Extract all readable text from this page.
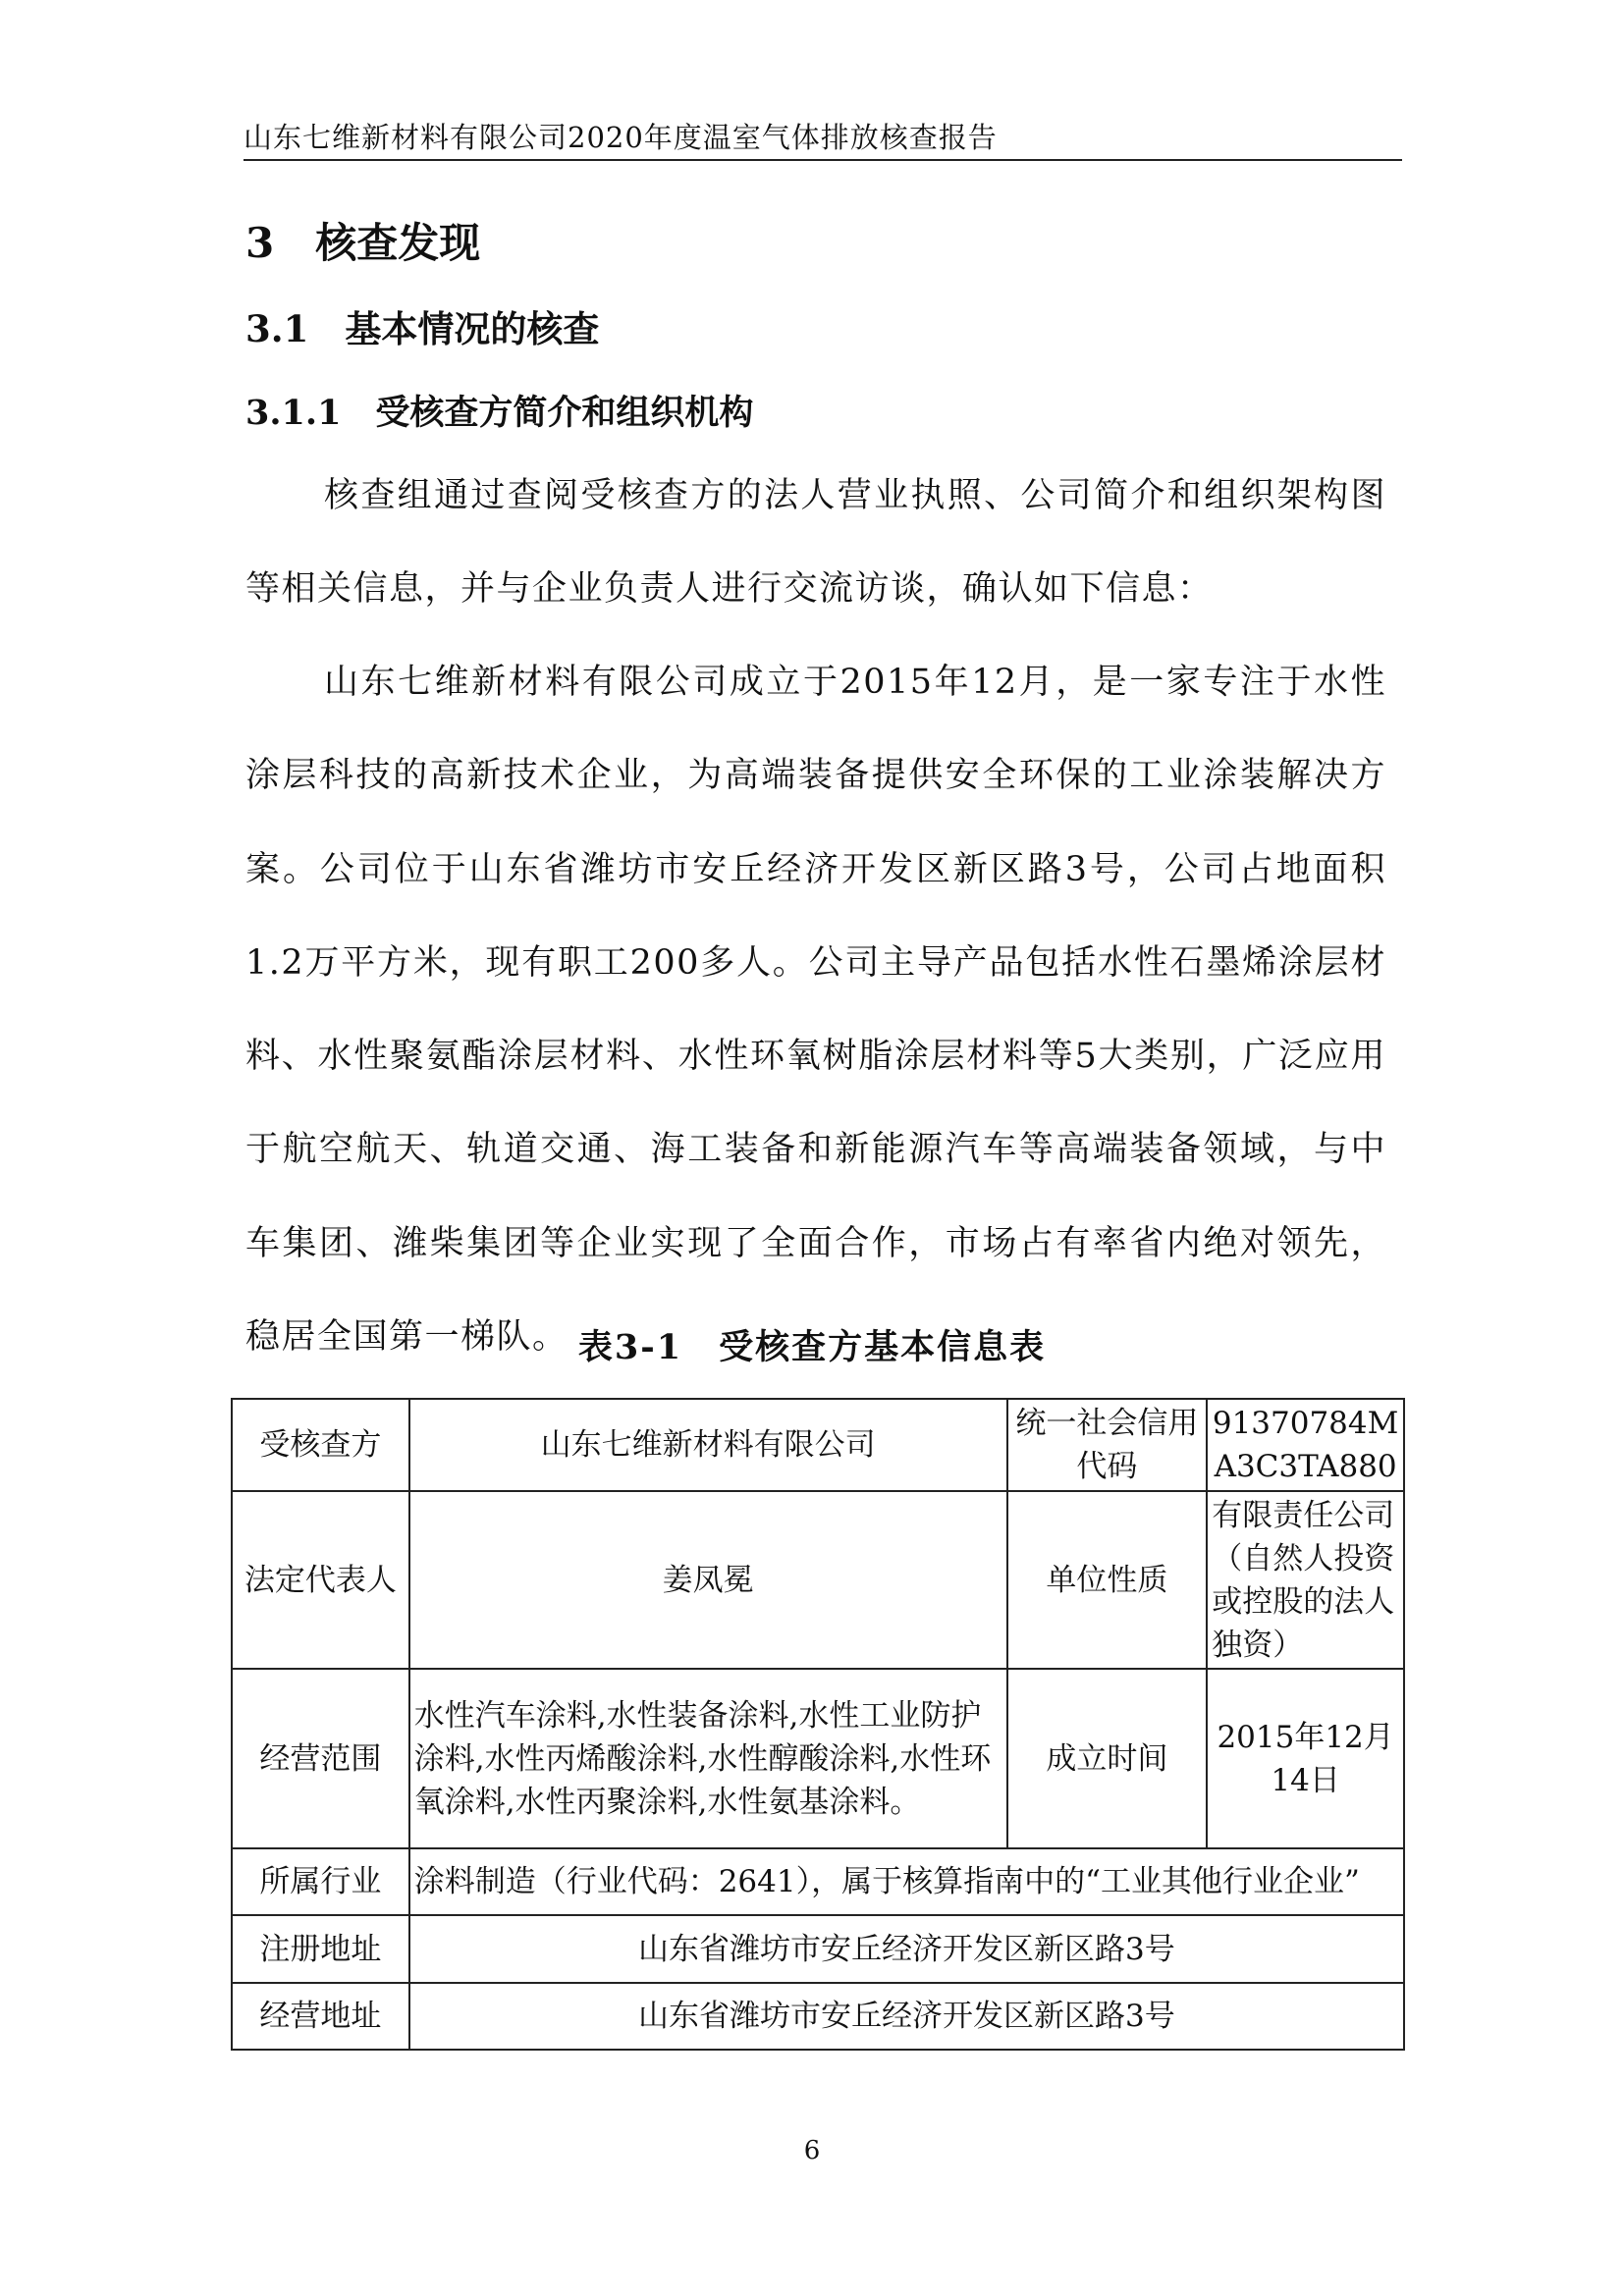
山东七维新材料有限公司2020年度温室气体排放核查报告
3　核查发现
3.1　基本情况的核查
3.1.1　受核查方简介和组织机构

核查组通过查阅受核查方的法人营业执照、公司简介和组织架构图等相关信息，并与企业负责人进行交流访谈，确认如下信息：

山东七维新材料有限公司成立于2015年12月，是一家专注于水性涂层科技的高新技术企业，为高端装备提供安全环保的工业涂装解决方案。公司位于山东省潍坊市安丘经济开发区新区路3号，公司占地面积1.2万平方米，现有职工200多人。公司主导产品包括水性石墨烯涂层材料、水性聚氨酯涂层材料、水性环氧树脂涂层材料等5大类别，广泛应用于航空航天、轨道交通、海工装备和新能源汽车等高端装备领域，与中车集团、潍柴集团等企业实现了全面合作，市场占有率省内绝对领先，稳居全国第一梯队。 表3-1　受核查方基本信息表
受核查方	山东七维新材料有限公司	统一社会信用代码	91370784MA3C3TA880
法定代表人	姜凤冕	单位性质	有限责任公司（自然人投资或控股的法人独资）
经营范围	水性汽车涂料,水性装备涂料,水性工业防护涂料,水性丙烯酸涂料,水性醇酸涂料,水性环氧涂料,水性丙聚涂料,水性氨基涂料。	成立时间	2015年12月14日
所属行业	涂料制造（行业代码：2641），属于核算指南中的“工业其他行业企业”		
注册地址	山东省潍坊市安丘经济开发区新区路3号		
经营地址	山东省潍坊市安丘经济开发区新区路3号		
6
